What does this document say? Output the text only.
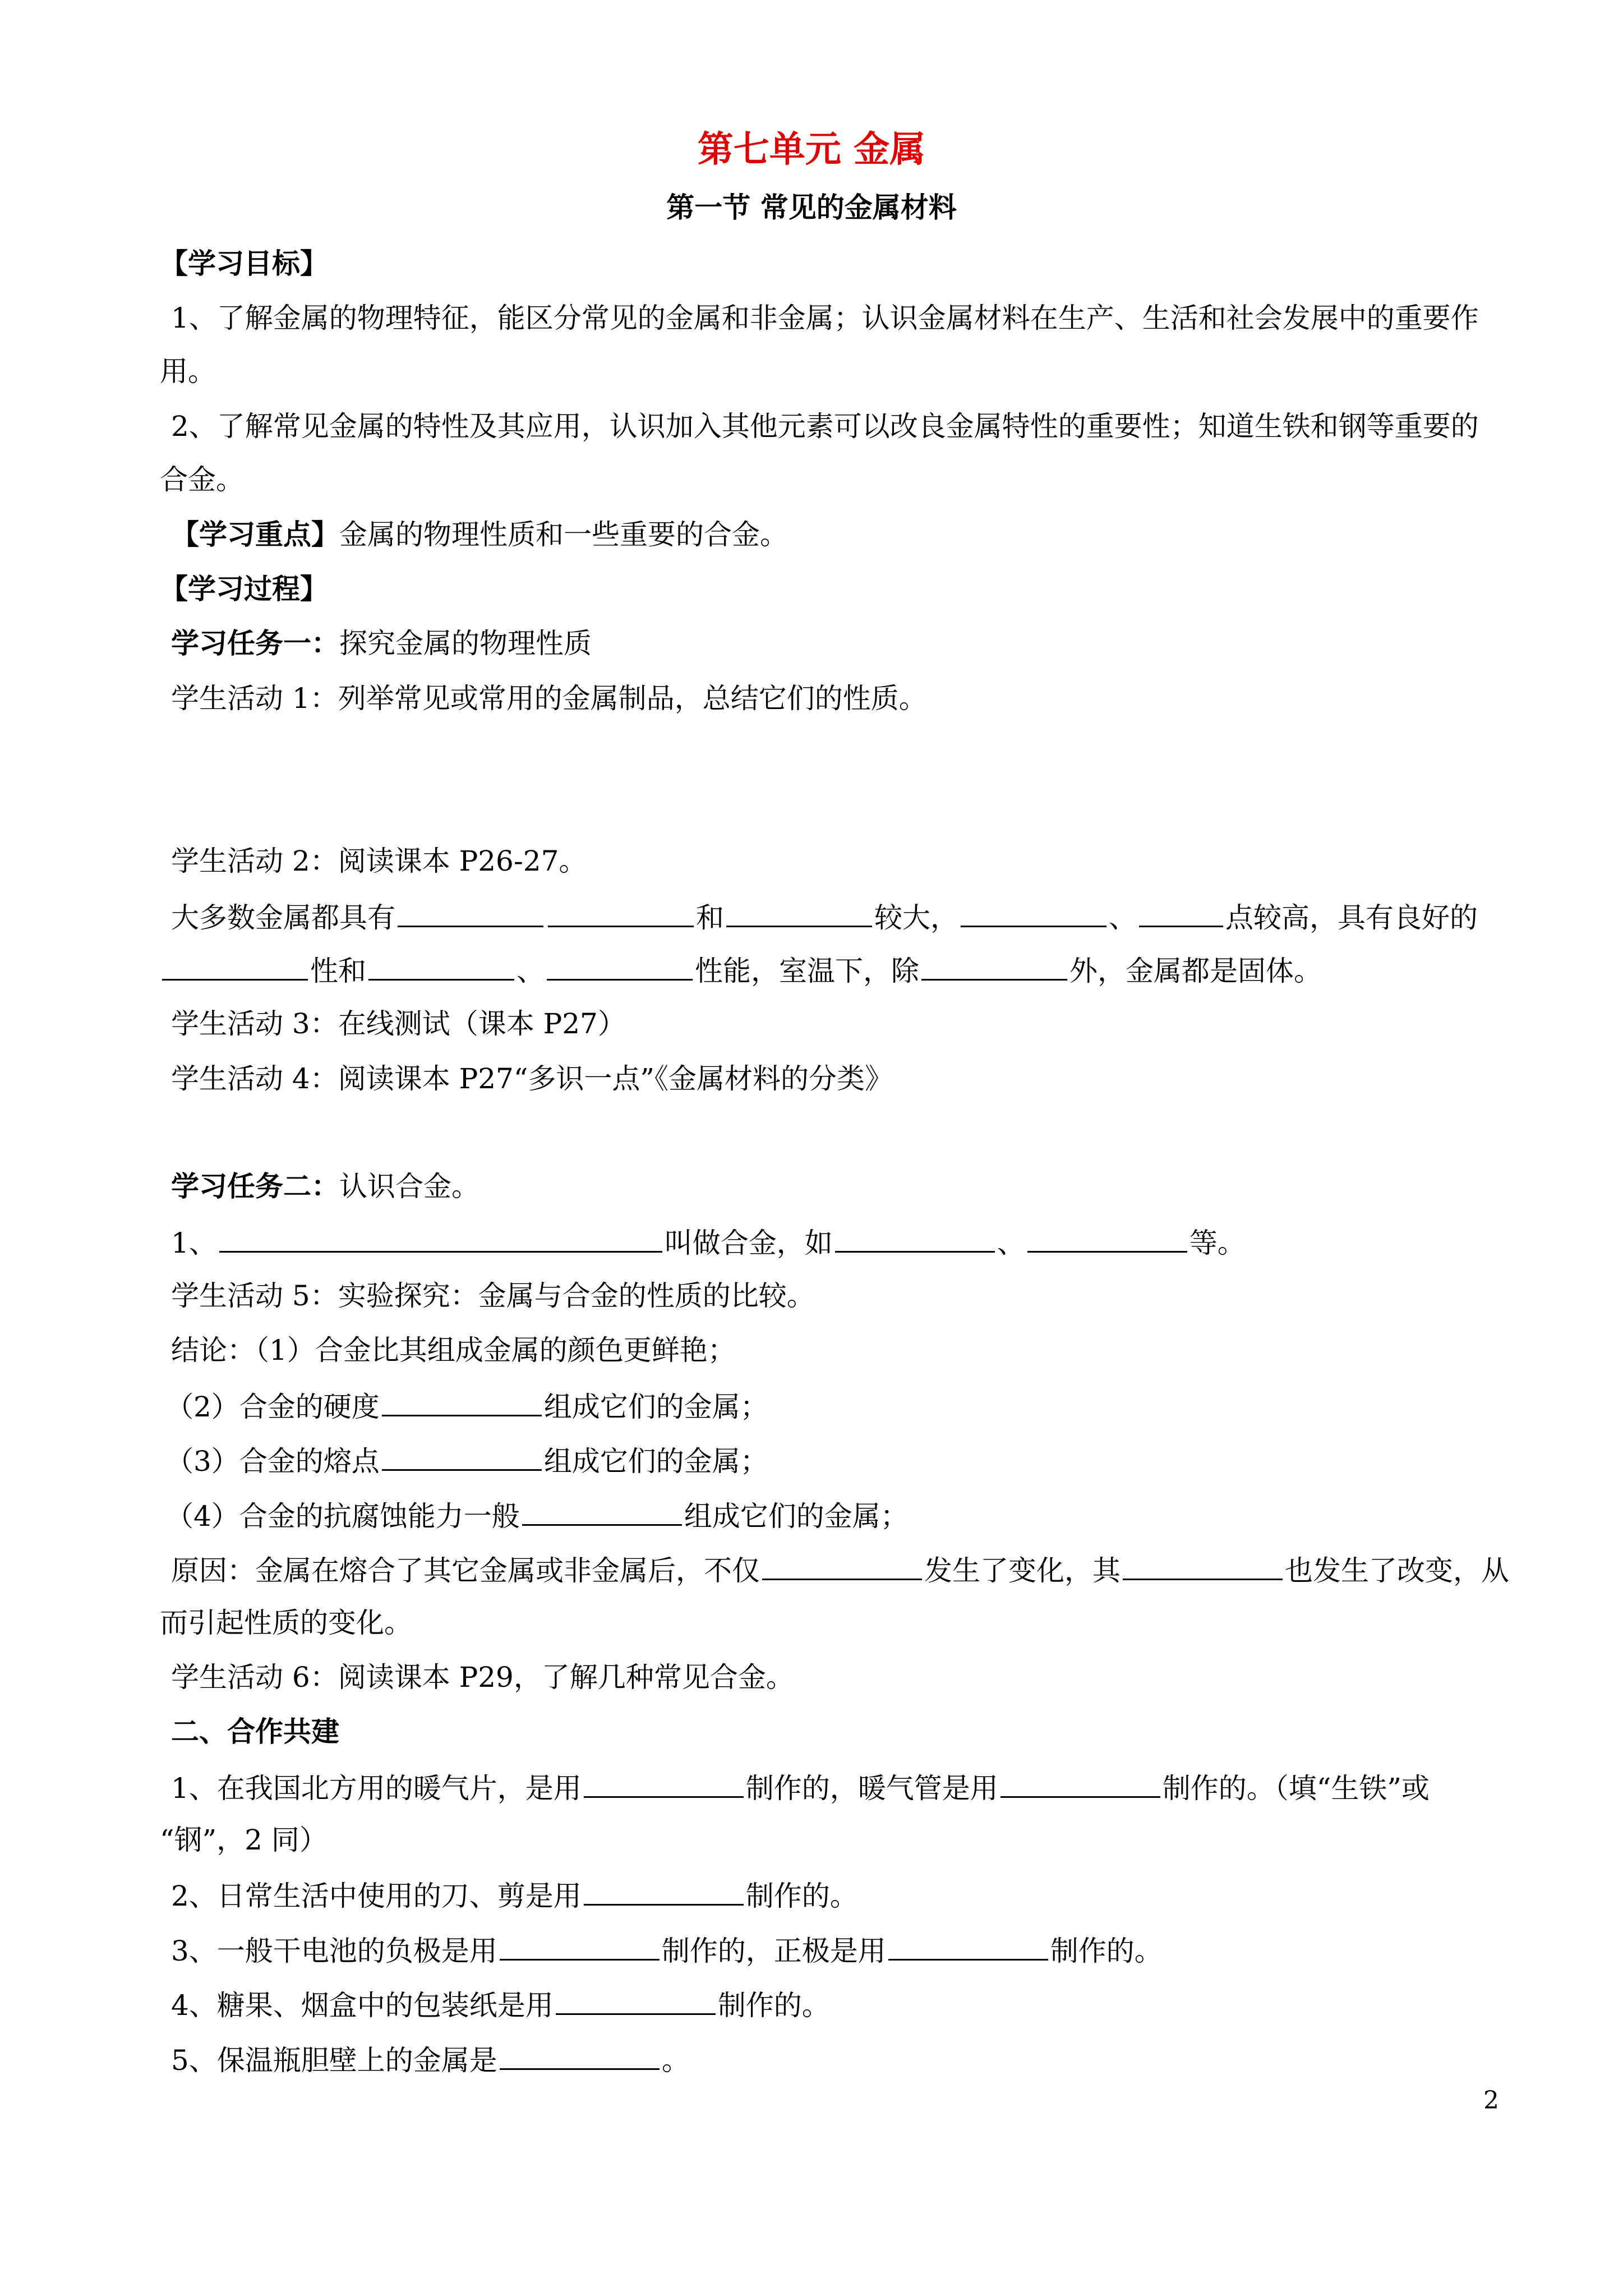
第七单元 金属
第一节 常见的金属材料
【学习目标】
1、了解金属的物理特征，能区分常见的金属和非金属；认识金属材料在生产、生活和社会发展中的重要作
用。
2、了解常见金属的特性及其应用，认识加入其他元素可以改良金属特性的重要性；知道生铁和钢等重要的
合金。
【学习重点】金属的物理性质和一些重要的合金。
【学习过程】
学习任务一：探究金属的物理性质
学生活动 1：列举常见或常用的金属制品，总结它们的性质。
学生活动 2：阅读课本 P26-27。
大多数金属都具有	和	较大，	、	点较高，具有良好的
性和	、	性能，室温下，除	外，金属都是固体。
学生活动 3：在线测试（课本 P27）
学生活动 4：阅读课本 P27“多识一点”《金属材料的分类》
学习任务二：认识合金。
1、	叫做合金，如	、	等。
学生活动 5：实验探究：金属与合金的性质的比较。
结论：（1）合金比其组成金属的颜色更鲜艳；
（2）合金的硬度	组成它们的金属；
（3）合金的熔点	组成它们的金属；
（4）合金的抗腐蚀能力一般	组成它们的金属；
原因：金属在熔合了其它金属或非金属后，不仅	发生了变化，其	也发生了改变，从
而引起性质的变化。
学生活动 6：阅读课本 P29，了解几种常见合金。
二、合作共建
1、在我国北方用的暖气片，是用	制作的，暖气管是用	制作的。（填“生铁”或
“钢”，2 同）
2、日常生活中使用的刀、剪是用	制作的。
3、一般干电池的负极是用	制作的，正极是用	制作的。
4、糖果、烟盒中的包装纸是用	制作的。
5、保温瓶胆壁上的金属是	。
2
